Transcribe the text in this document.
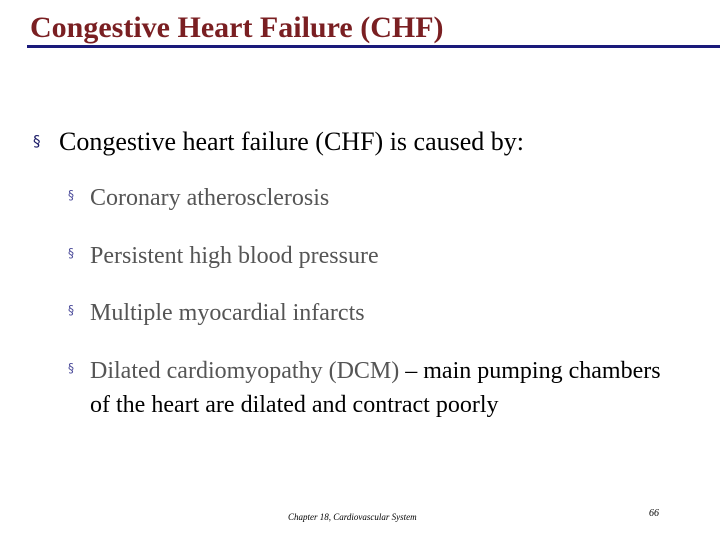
Congestive Heart Failure (CHF)
§ Congestive heart failure (CHF) is caused by:
§ Coronary atherosclerosis
§ Persistent high blood pressure
§ Multiple myocardial infarcts
§ Dilated cardiomyopathy (DCM) – main pumping chambers of the heart are dilated and contract poorly
Chapter 18, Cardiovascular System	66
